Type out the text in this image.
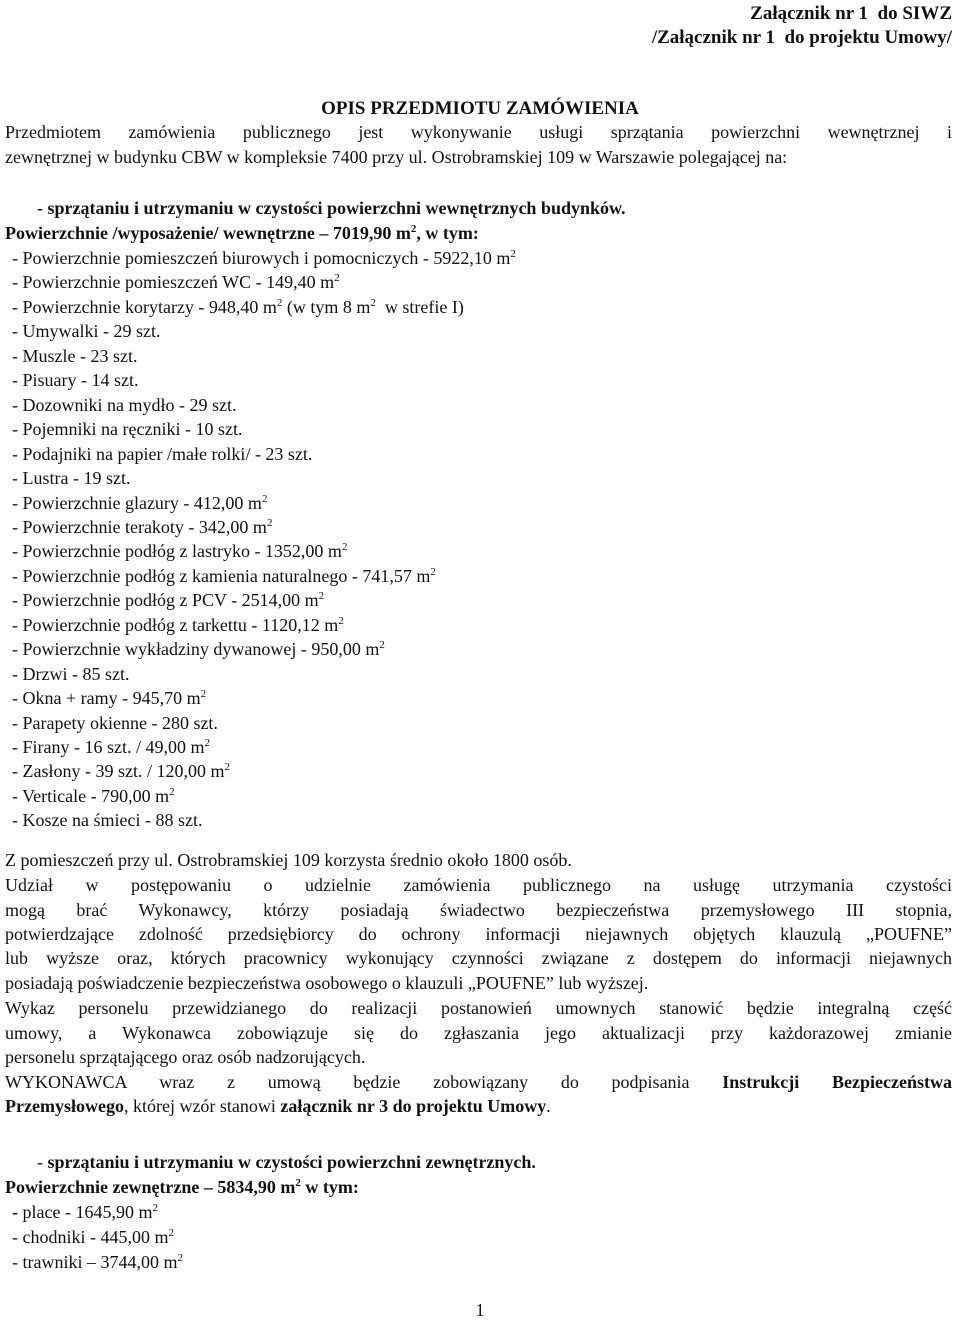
Załącznik nr 1  do SIWZ
/Załącznik nr 1  do projektu Umowy/
OPIS PRZEDMIOTU ZAMÓWIENIA
Przedmiotem zamówienia publicznego jest wykonywanie usługi sprzątania powierzchni wewnętrznej i
zewnętrznej w budynku CBW w kompleksie 7400 przy ul. Ostrobramskiej 109 w Warszawie polegającej na:
- sprzątaniu i utrzymaniu w czystości powierzchni wewnętrznych budynków.
Powierzchnie /wyposażenie/ wewnętrzne – 7019,90 $m^2$, w tym:
- Powierzchnie pomieszczeń biurowych i pomocniczych - 5922,10 $m^2$
- Powierzchnie pomieszczeń WC - 149,40 $m^2$
- Powierzchnie korytarzy - 948,40 $m^2$ (w tym 8 $m^2$  w strefie I)
- Umywalki - 29 szt.
- Muszle - 23 szt.
- Pisuary - 14 szt.
- Dozowniki na mydło - 29 szt.
- Pojemniki na ręczniki - 10 szt.
- Podajniki na papier /małe rolki/ - 23 szt.
- Lustra - 19 szt.
- Powierzchnie glazury - 412,00 $m^2$
- Powierzchnie terakoty - 342,00 $m^2$
- Powierzchnie podłóg z lastryko - 1352,00 $m^2$
- Powierzchnie podłóg z kamienia naturalnego - 741,57 $m^2$
- Powierzchnie podłóg z PCV - 2514,00 $m^2$
- Powierzchnie podłóg z tarkettu - 1120,12 $m^2$
- Powierzchnie wykładziny dywanowej - 950,00 $m^2$
- Drzwi - 85 szt.
- Okna + ramy - 945,70 $m^2$
- Parapety okienne - 280 szt.
- Firany - 16 szt. / 49,00 $m^2$
- Zasłony - 39 szt. / 120,00 $m^2$
- Verticale - 790,00 $m^2$
- Kosze na śmieci - 88 szt.
Z pomieszczeń przy ul. Ostrobramskiej 109 korzysta średnio około 1800 osób.
Udział w postępowaniu o udzielnie zamówienia publicznego na usługę utrzymania czystości
mogą brać Wykonawcy, którzy posiadają świadectwo bezpieczeństwa przemysłowego III stopnia,
potwierdzające zdolność przedsiębiorcy do ochrony informacji niejawnych objętych klauzulą „POUFNE”
lub wyższe oraz, których pracownicy wykonujący czynności związane z dostępem do informacji niejawnych
posiadają poświadczenie bezpieczeństwa osobowego o klauzuli „POUFNE” lub wyższej.
Wykaz personelu przewidzianego do realizacji postanowień umownych stanowić będzie integralną część
umowy, a Wykonawca zobowiązuje się do zgłaszania jego aktualizacji przy każdorazowej zmianie
personelu sprzątającego oraz osób nadzorujących.
WYKONAWCA wraz z umową będzie zobowiązany do podpisania Instrukcji Bezpieczeństwa
Przemysłowego, której wzór stanowi załącznik nr 3 do projektu Umowy.
- sprzątaniu i utrzymaniu w czystości powierzchni zewnętrznych.
Powierzchnie zewnętrzne – 5834,90 $m^2$ w tym:
- place - 1645,90 $m^2$
- chodniki - 445,00 $m^2$
- trawniki – 3744,00 $m^2$
1
